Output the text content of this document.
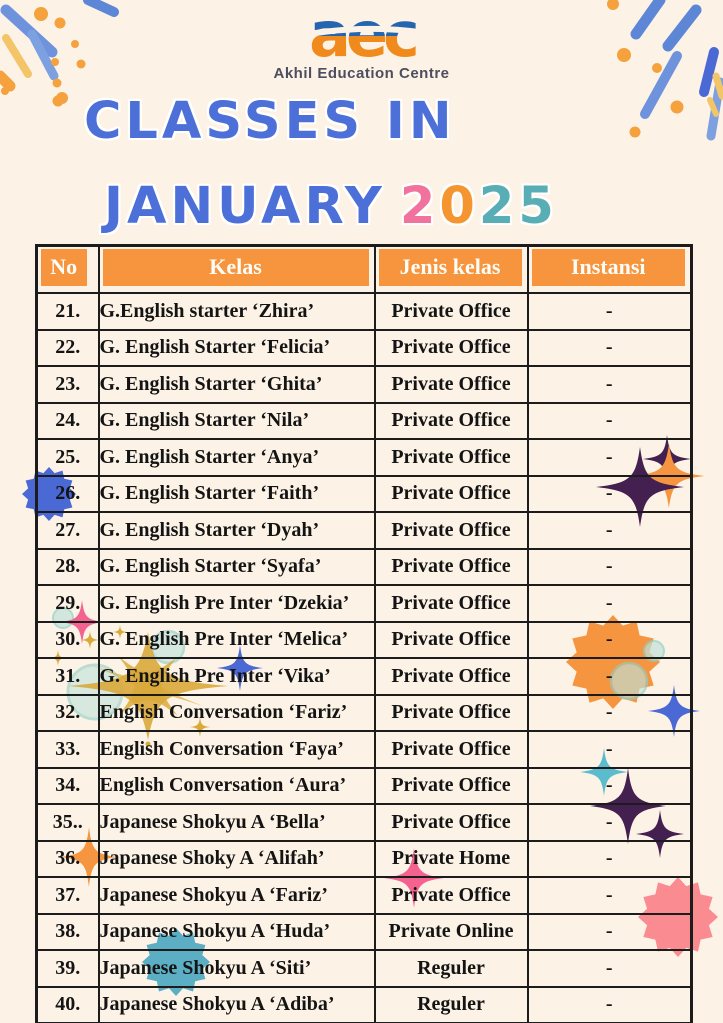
aec
Akhil Education Centre
CLASSES IN
JANUARY 2025
No	Kelas	Jenis kelas	Instansi

21.	G.English starter ‘Zhira’	Private Office	-
22.	G. English Starter ‘Felicia’	Private Office	-
23.	G. English Starter ‘Ghita’	Private Office	-
24.	G. English Starter ‘Nila’	Private Office	-
25.	G. English Starter ‘Anya’	Private Office	-
26.	G. English Starter ‘Faith’	Private Office	-
27.	G. English Starter ‘Dyah’	Private Office	-
28.	G. English Starter ‘Syafa’	Private Office	-
29.	G. English Pre Inter ‘Dzekia’	Private Office	-
30.	G. English Pre Inter ‘Melica’	Private Office	-
31.	G. English Pre Inter ‘Vika’	Private Office	-
32.	English Conversation ‘Fariz’	Private Office	-
33.	English Conversation ‘Faya’	Private Office	-
34.	English Conversation ‘Aura’	Private Office	-
35..	Japanese Shokyu A ‘Bella’	Private Office	-
36.	Japanese Shoky A ‘Alifah’	Private Home	-
37.	Japanese Shokyu A ‘Fariz’	Private Office	-
38.	Japanese Shokyu A ‘Huda’	Private Online	-
39.	Japanese Shokyu A ‘Siti’	Reguler	-
40.	Japanese Shokyu A ‘Adiba’	Reguler	-
